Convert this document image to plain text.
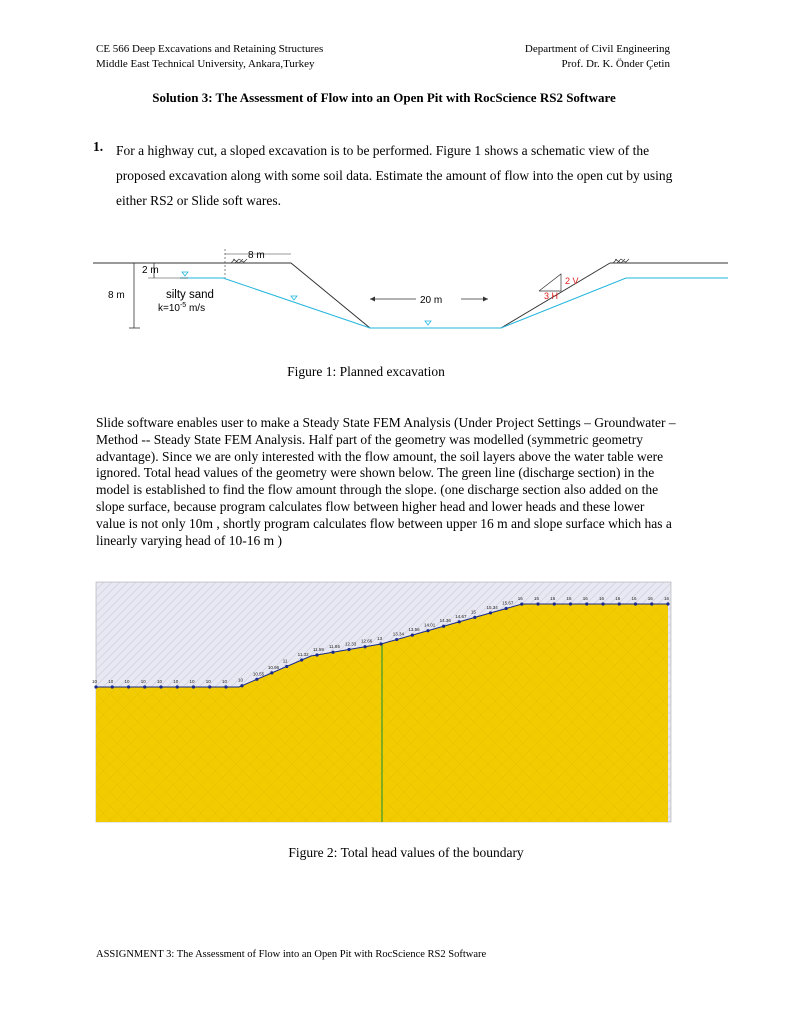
CE 566 Deep Excavations and Retaining Structures
Middle East Technical University, Ankara,Turkey
Department of Civil Engineering
Prof. Dr. K. Önder Çetin
Solution 3: The Assessment of Flow into an Open Pit with RocScience RS2 Software
1. For a highway cut, a sloped excavation is to be performed. Figure 1 shows a schematic view of the proposed excavation along with some soil data. Estimate the amount of flow into the open cut by using either RS2 or Slide soft wares.
2 m
8 m
8 m
silty sand
$k=10^{-5}$ m/s
20 m
2 V
3 H
Figure 1: Planned excavation
Slide software enables user to make a Steady State FEM Analysis (Under Project Settings – Groundwater – Method -- Steady State FEM Analysis. Half part of the geometry was modelled (symmetric geometry advantage). Since we are only interested with the flow amount, the soil layers above the water table were ignored. Total head values of the geometry were shown below. The green line (discharge section) in the model is established to find the flow amount through the slope. (one discharge section also added on the slope surface, because program calculates flow between higher head and lower heads and these lower value is not only 10m , shortly program calculates flow between upper 16 m and slope surface which has a linearly varying head of 10-16 m )
10 10 10 10 10 10 10 10 10 10
10.55
10.96
11
11.32
11.59
11.85
12.33
12.66
13
13.34
13.56
14.01
14.36
14.67
15
15.34
15.67
16 16 16 16 16 16 16 16 16 16
Figure 2: Total head values of the boundary
ASSIGNMENT 3: The Assessment of Flow into an Open Pit with RocScience RS2 Software
